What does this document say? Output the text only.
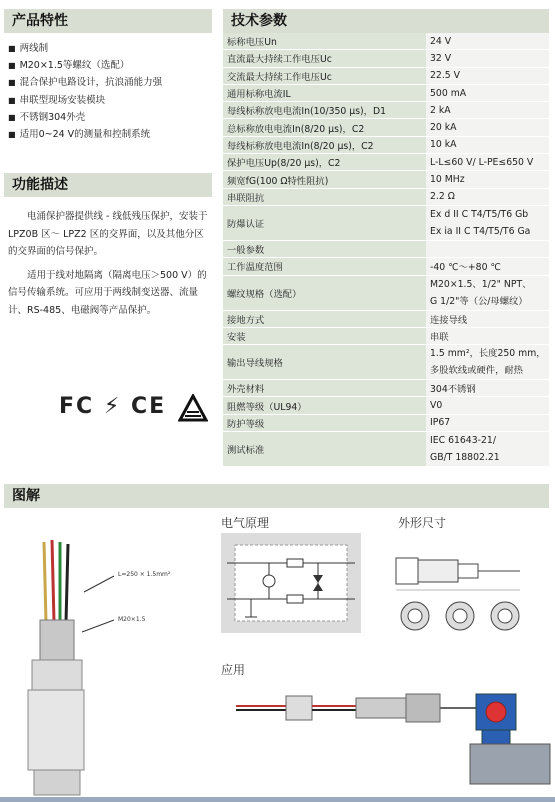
产品特性	技术参数
功能描述
图解
■ 两线制
■ M20×1.5等螺纹（选配）
■ 混合保护电路设计，抗浪涌能力强
■ 串联型现场安装模块
■ 不锈钢304外壳
■ 适用0~24 V的测量和控制系统

电涌保护器提供线 - 线低残压保护，安装于LPZ0B 区～ LPZ2 区的交界面，以及其他分区的交界面的信号保护。

适用于线对地隔离（隔离电压＞500 V）的信号传输系统。可应用于两线制变送器、流量计、RS-485、电磁阀等产品保护。

FC ⚡ CE
标称电压Un	24 V

直流最大持续工作电压Uc	32 V

交流最大持续工作电压Uc	22.5 V

通用标称电流IL	500 mA

每线标称放电电流In(10/350 µs)，D1	2 kA

总标称放电电流In(8/20 µs)，C2	20 kA

每线标称放电电流In(8/20 µs)，C2	10 kA

保护电压Up(8/20 µs)，C2	L-L≤60 V/ L-PE≤650 V

频宽fG(100 Ω特性阻抗)	10 MHz

串联阻抗	2.2 Ω

防爆认证	Ex d II C T4/T5/T6 Gb
Ex ia II C T4/T5/T6 Ga

一般参数	

工作温度范围	-40 ℃～+80 ℃

螺纹规格（选配）	M20×1.5、1/2" NPT、
G 1/2"等（公/母螺纹）

接地方式	连接导线

安装	串联

输出导线规格	1.5 mm²，长度250 mm，
多股软线或硬件，耐热

外壳材料	304不锈钢

阻燃等级（UL94）	V0

防护等级	IP67

测试标准	IEC 61643-21/
GB/T 18802.21
电气原理	外形尺寸
应用
L=250 × 1.5mm²
M20×1.5
